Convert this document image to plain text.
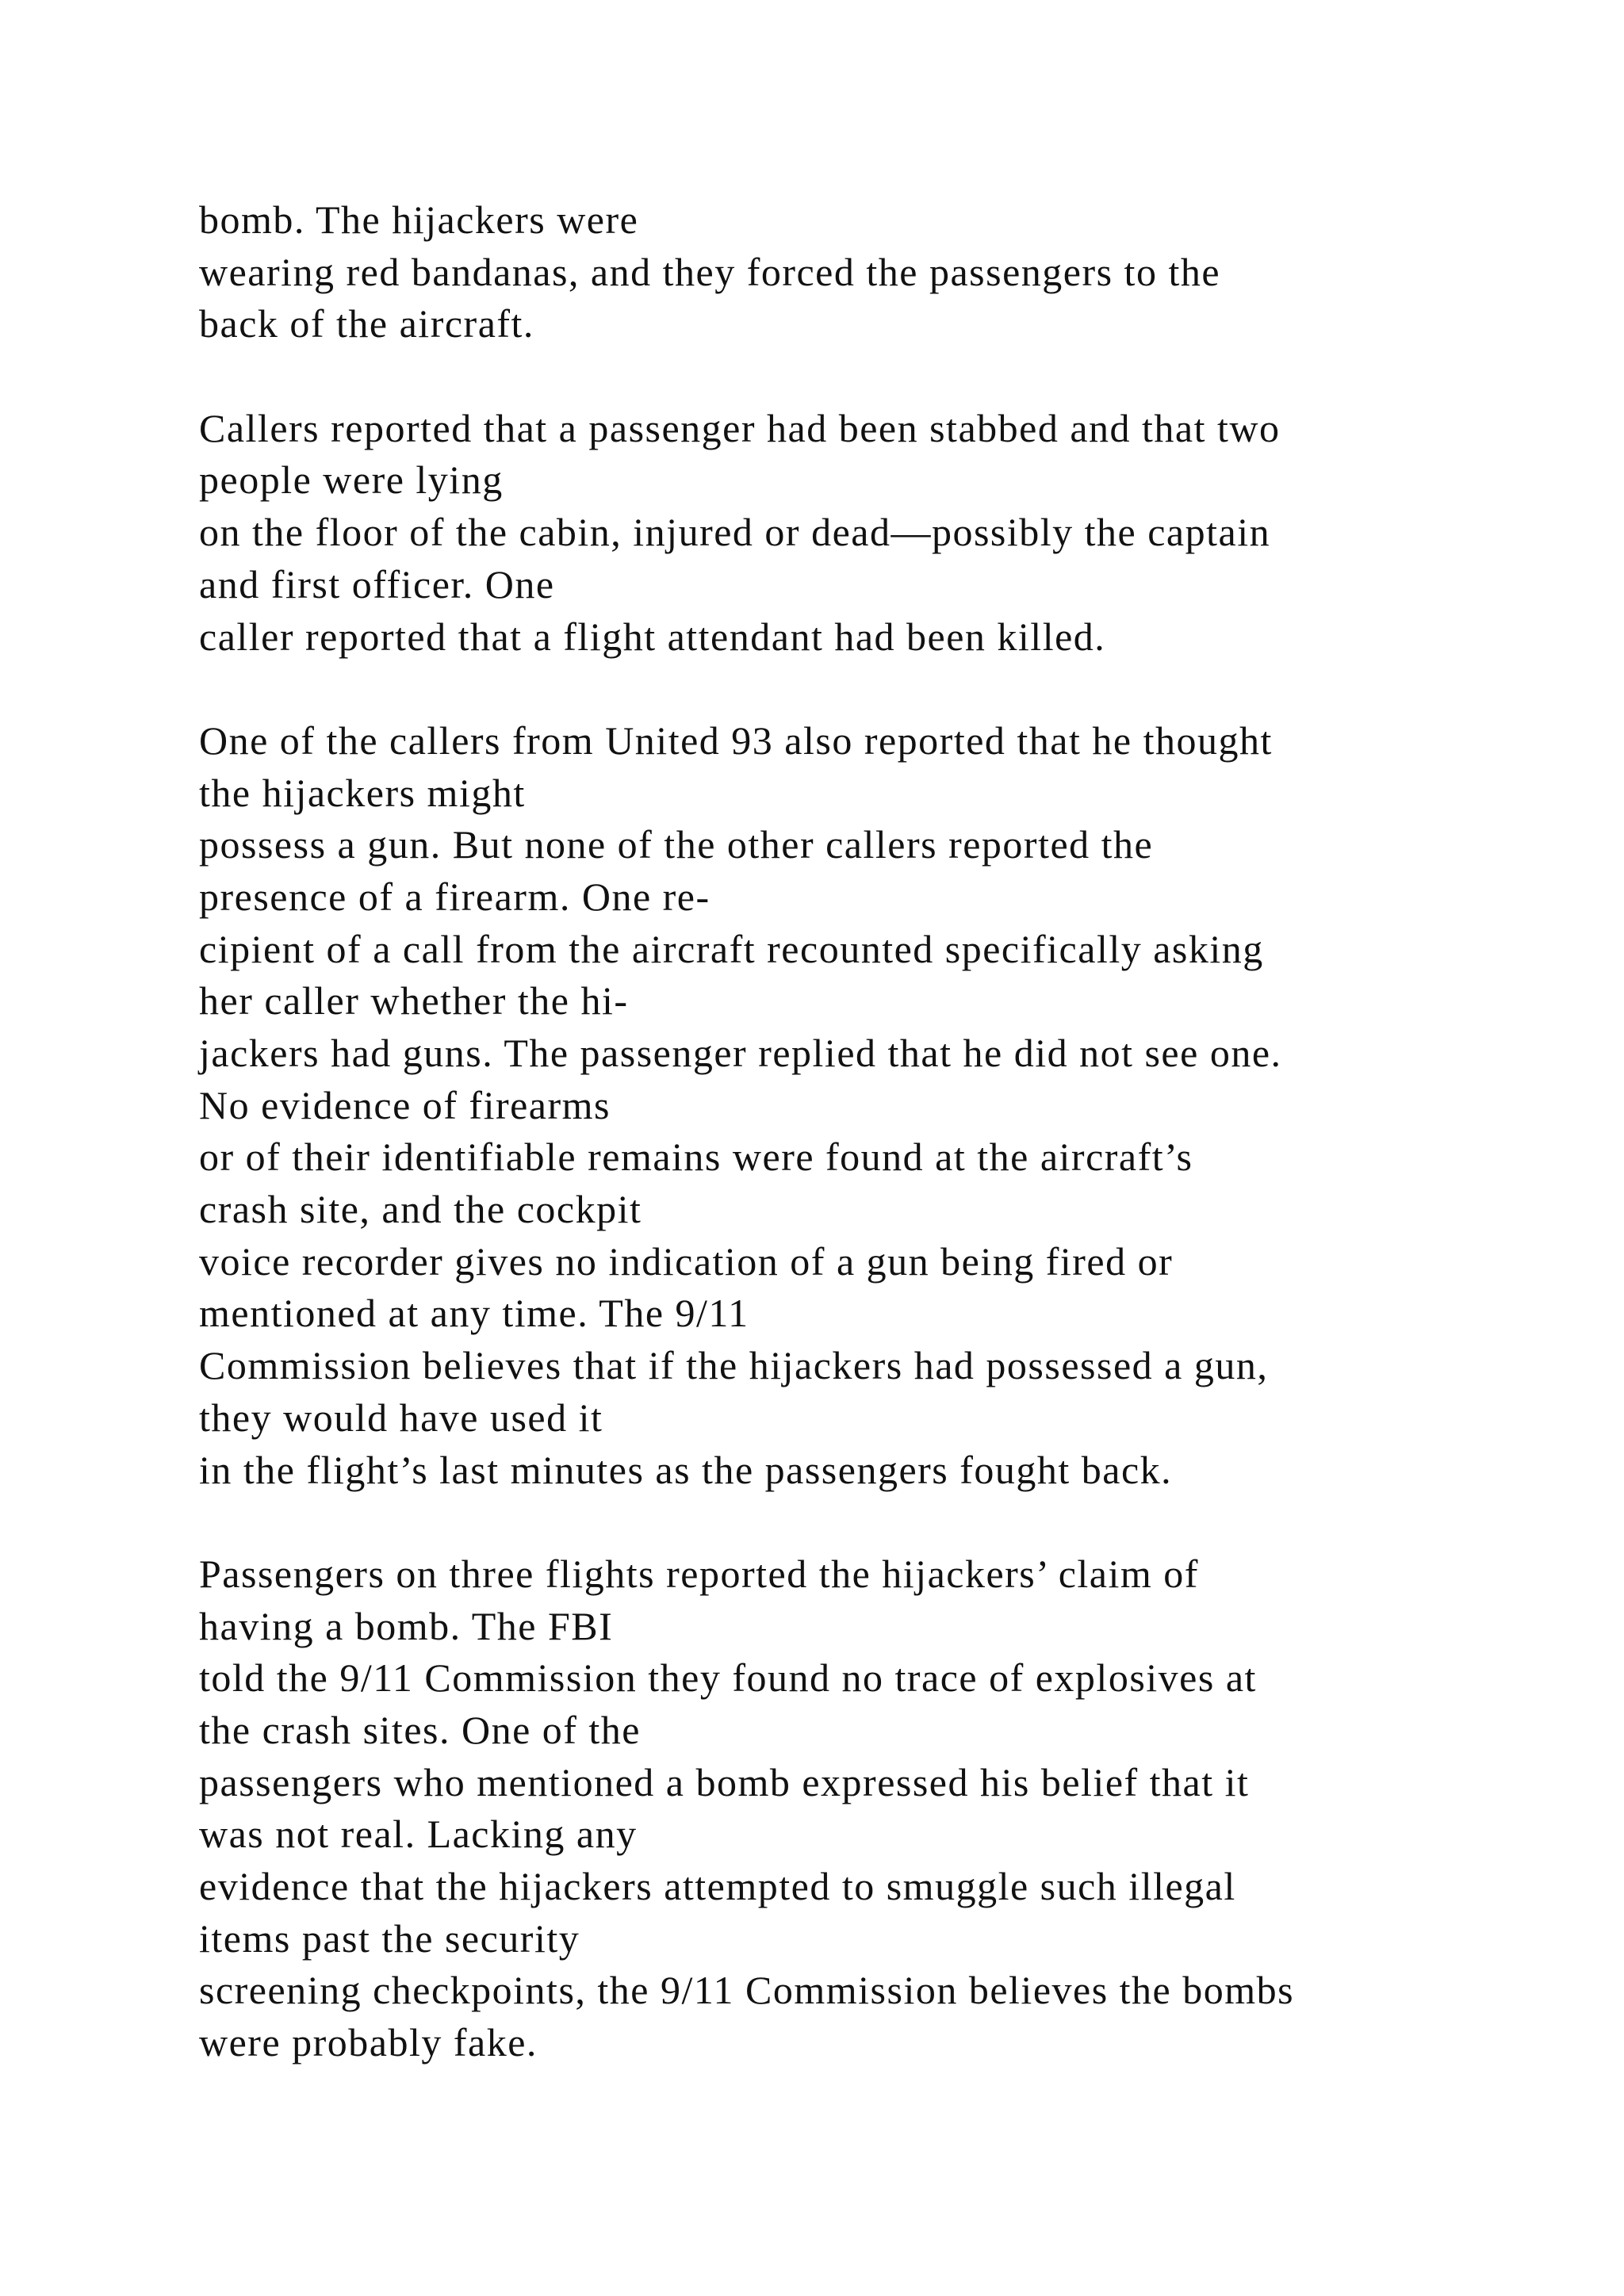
bomb. The hijackers were
wearing red bandanas, and they forced the passengers to the
back of the aircraft.
Callers reported that a passenger had been stabbed and that two
people were lying
on the floor of the cabin, injured or dead—possibly the captain
and first officer. One
caller reported that a flight attendant had been killed.
One of the callers from United 93 also reported that he thought
the hijackers might
possess a gun. But none of the other callers reported the
presence of a firearm. One re-
cipient of a call from the aircraft recounted specifically asking
her caller whether the hi-
jackers had guns. The passenger replied that he did not see one.
No evidence of firearms
or of their identifiable remains were found at the aircraft’s
crash site, and the cockpit
voice recorder gives no indication of a gun being fired or
mentioned at any time. The 9/11
Commission believes that if the hijackers had possessed a gun,
they would have used it
in the flight’s last minutes as the passengers fought back.
Passengers on three flights reported the hijackers’ claim of
having a bomb. The FBI
told the 9/11 Commission they found no trace of explosives at
the crash sites. One of the
passengers who mentioned a bomb expressed his belief that it
was not real. Lacking any
evidence that the hijackers attempted to smuggle such illegal
items past the security
screening checkpoints, the 9/11 Commission believes the bombs
were probably fake.
